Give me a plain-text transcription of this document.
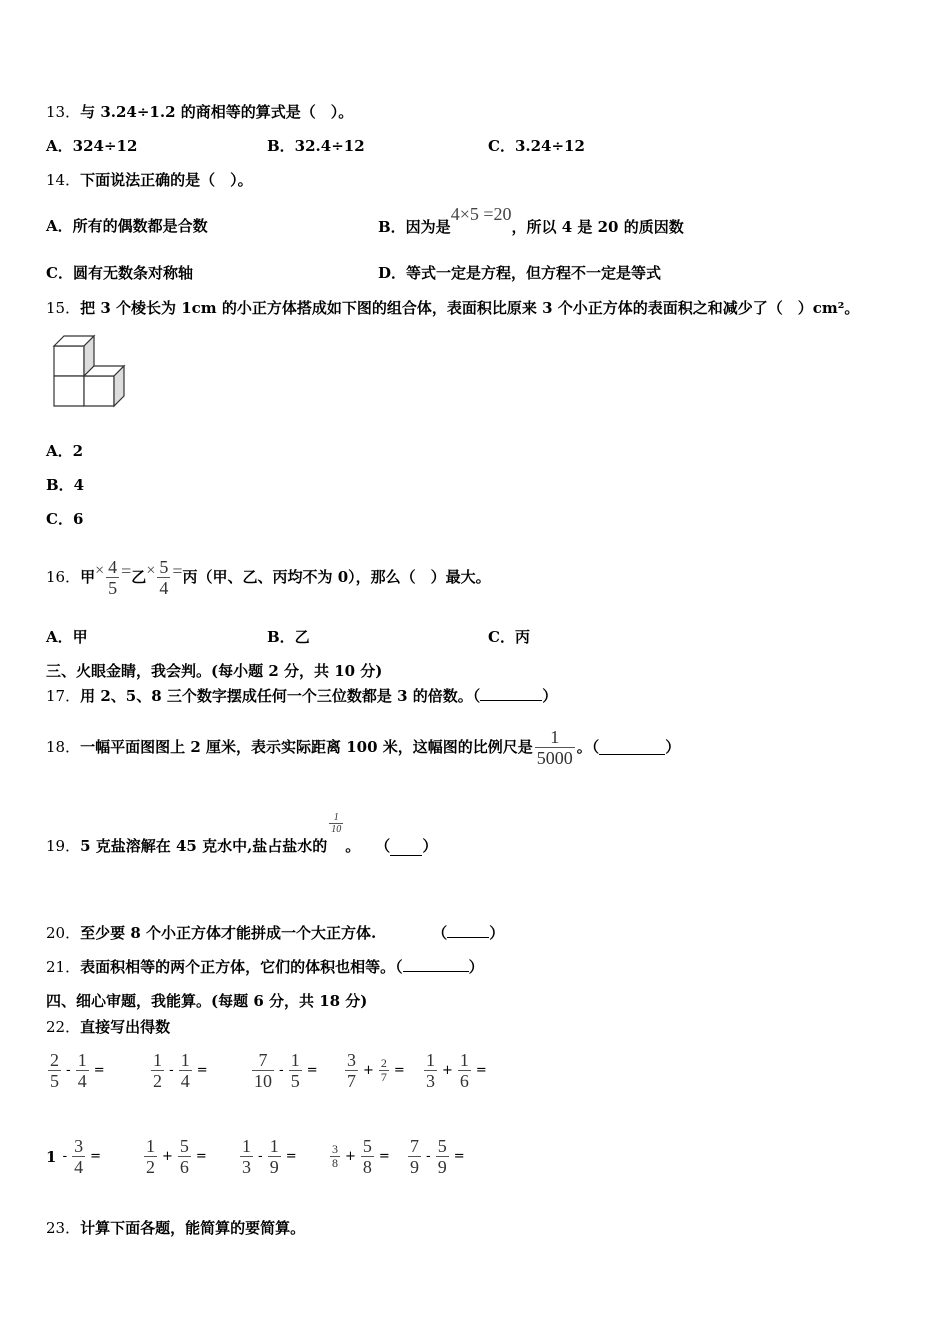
13．与 3.24÷1.2 的商相等的算式是（　）。
A．324÷12	B．32.4÷12	C．3.24÷12
14．下面说法正确的是（　）。
A．所有的偶数都是合数	B．因为是4×5 =20，所以 4 是 20 的质因数
C．圆有无数条对称轴	D．等式一定是方程，但方程不一定是等式
15．把 3 个棱长为 1cm 的小正方体搭成如下图的组合体，表面积比原来 3 个小正方体的表面积之和减少了（　）cm²。
A．2
B．4
C．6
16． 甲 × $\frac{4}{5}$ = 乙 × $\frac{5}{4}$ = 丙（甲、乙、丙均不为 0），那么（　）最大。
A．甲	B．乙	C．丙
三、火眼金睛，我会判。(每小题 2 分，共 10 分)
17．用 2、5、8 三个数字摆成任何一个三位数都是 3 的倍数。（	）
18． 一幅平面图图上 2 厘米，表示实际距离 100 米，这幅图的比例尺是 $\frac{1}{5000}$ 。（	）
19． 5 克盐溶解在 45 克水中,盐占盐水的
$\frac{1}{10}$
。　　（ ）
20．至少要 8 个小正方体才能拼成一个大正方体.	（	）
21．表面积相等的两个正方体，它们的体积也相等。（	）
四、细心审题，我能算。(每题 6 分，共 18 分)
22．直接写出得数
$\frac{2}{5} - \frac{1}{4}$ =	$\frac{1}{2} - \frac{1}{4} = \frac{7}{10} - \frac{1}{5} = \frac{3}{7} + \frac{2}{7} = \frac{1}{3} + \frac{1}{6}$ =
$1 - \frac{3}{4} = \frac{1}{2} + \frac{5}{6} = \frac{1}{3} - \frac{1}{9}$ =	$\frac{3}{8} + \frac{5}{8} = \frac{7}{9} - \frac{5}{9}$ =
23．计算下面各题，能简算的要简算。
